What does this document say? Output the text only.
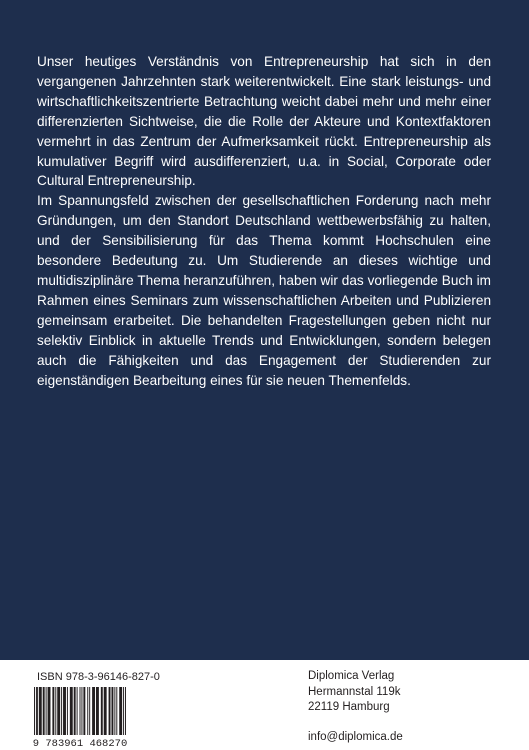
Unser heutiges Verständnis von Entrepreneurship hat sich in den vergangenen Jahrzehnten stark weiterentwickelt. Eine stark leistungs- und wirtschaftlichkeitszentrierte Betrachtung weicht dabei mehr und mehr einer differenzierten Sichtweise, die die Rolle der Akteure und Kontextfaktoren vermehrt in das Zentrum der Aufmerksamkeit rückt. Entrepreneurship als kumulativer Begriff wird ausdifferenziert, u.a. in Social, Corporate oder Cultural Entrepreneurship.

Im Spannungsfeld zwischen der gesellschaftlichen Forderung nach mehr Gründungen, um den Standort Deutschland wettbewerbsfähig zu halten, und der Sensibilisierung für das Thema kommt Hochschulen eine besondere Bedeutung zu. Um Studierende an dieses wichtige und multidisziplinäre Thema heranzuführen, haben wir das vorliegende Buch im Rahmen eines Seminars zum wissenschaftlichen Arbeiten und Publizieren gemeinsam erarbeitet. Die behandelten Fragestellungen geben nicht nur selektiv Einblick in aktuelle Trends und Entwicklungen, sondern belegen auch die Fähigkeiten und das Engagement der Studierenden zur eigenständigen Bearbeitung eines für sie neuen Themenfelds.

ISBN 978-3-96146-827-0
9 783961 468270
Diplomica Verlag
Hermannstal 119k
22119 Hamburg
info@diplomica.de
